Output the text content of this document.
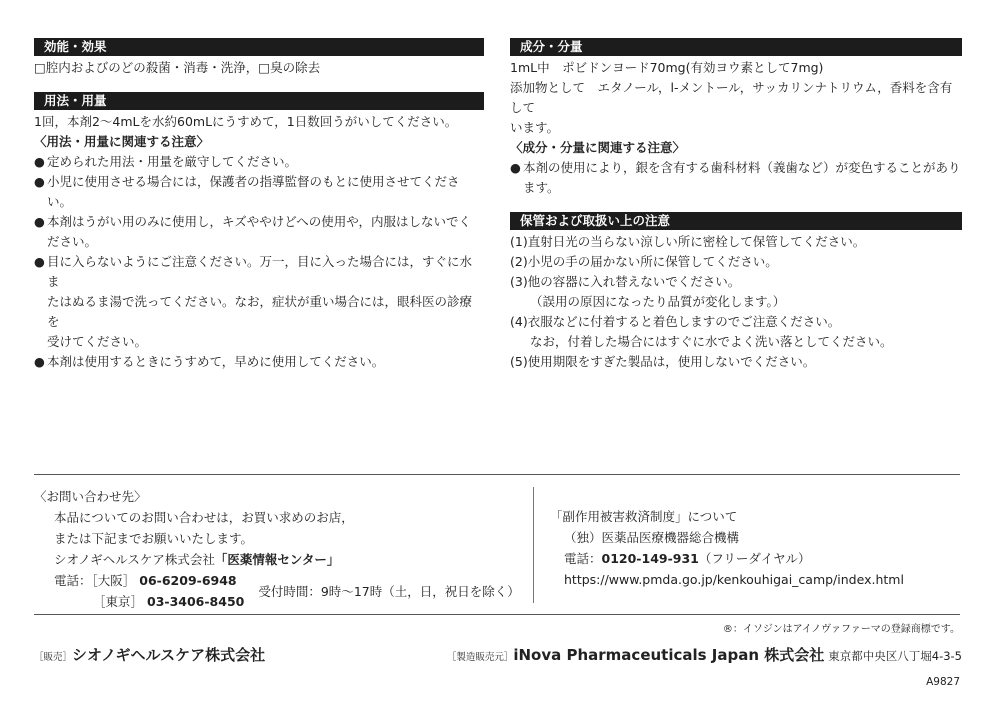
効能・効果

□腔内およびのどの殺菌・消毒・洗浄，□臭の除去

用法・用量

1回，本剤2～4mLを水約60mLにうすめて，1日数回うがいしてください。

〈用法・用量に関連する注意〉

● 定められた用法・用量を厳守してください。
● 小児に使用させる場合には，保護者の指導監督のもとに使用させてください。
● 本剤はうがい用のみに使用し，キズややけどへの使用や，内服はしないでく
ださい。
● 目に入らないようにご注意ください。万一，目に入った場合には，すぐに水ま
たはぬるま湯で洗ってください。なお，症状が重い場合には，眼科医の診療を
受けてください。
● 本剤は使用するときにうすめて，早めに使用してください。
成分・分量

1mL中　ポビドンヨード70mg(有効ヨウ素として7mg)

添加物として　エタノール，l-メントール，サッカリンナトリウム，香料を含有して

います。

〈成分・分量に関連する注意〉

● 本剤の使用により，銀を含有する歯科材料（義歯など）が変色することがあり
ます。
保管および取扱い上の注意

(1)直射日光の当らない涼しい所に密栓して保管してください。

(2)小児の手の届かない所に保管してください。

(3)他の容器に入れ替えないでください。

（誤用の原因になったり品質が変化します。）

(4)衣服などに付着すると着色しますのでご注意ください。

なお，付着した場合にはすぐに水でよく洗い落としてください。

(5)使用期限をすぎた製品は，使用しないでください。

〈お問い合わせ先〉
本品についてのお問い合わせは，お買い求めのお店，
または下記までお願いいたします。
シオノギヘルスケア株式会社「医薬情報センター」
電話：［大阪］ 06-6209-6948
［東京］ 03-3406-8450
受付時間：9時～17時（土，日，祝日を除く）
「副作用被害救済制度」について
（独）医薬品医療機器総合機構
電話：0120-149-931（フリーダイヤル）
https://www.pmda.go.jp/kenkouhigai_camp/index.html
®：イソジンはアイノヴァファーマの登録商標です。
［販売］シオノギヘルスケア株式会社	［製造販売元］iNova Pharmaceuticals Japan 株式会社 東京都中央区八丁堀4-3-5
A9827
